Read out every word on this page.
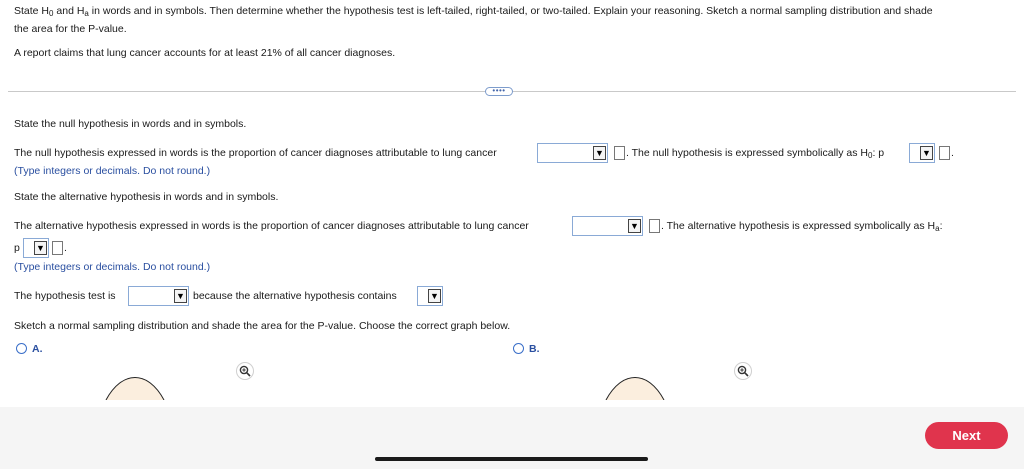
State $H_0$ and $H_a$ in words and in symbols. Then determine whether the hypothesis test is left-tailed, right-tailed, or two-tailed. Explain your reasoning. Sketch a normal sampling distribution and shade
the area for the P-value.
A report claims that lung cancer accounts for at least 21% of all cancer diagnoses.
••••
State the null hypothesis in words and in symbols.
The null hypothesis expressed in words is the proportion of cancer diagnoses attributable to lung cancer	▼ . The null hypothesis is expressed symbolically as $H_0$: p	▼ .
(Type integers or decimals. Do not round.)
State the alternative hypothesis in words and in symbols.
The alternative hypothesis expressed in words is the proportion of cancer diagnoses attributable to lung cancer	▼ . The alternative hypothesis is expressed symbolically as $H_a$:
p ▼ .
(Type integers or decimals. Do not round.)
The hypothesis test is	▼ because the alternative hypothesis contains	▼
Sketch a normal sampling distribution and shade the area for the P-value. Choose the correct graph below.
A.	B.
Next
